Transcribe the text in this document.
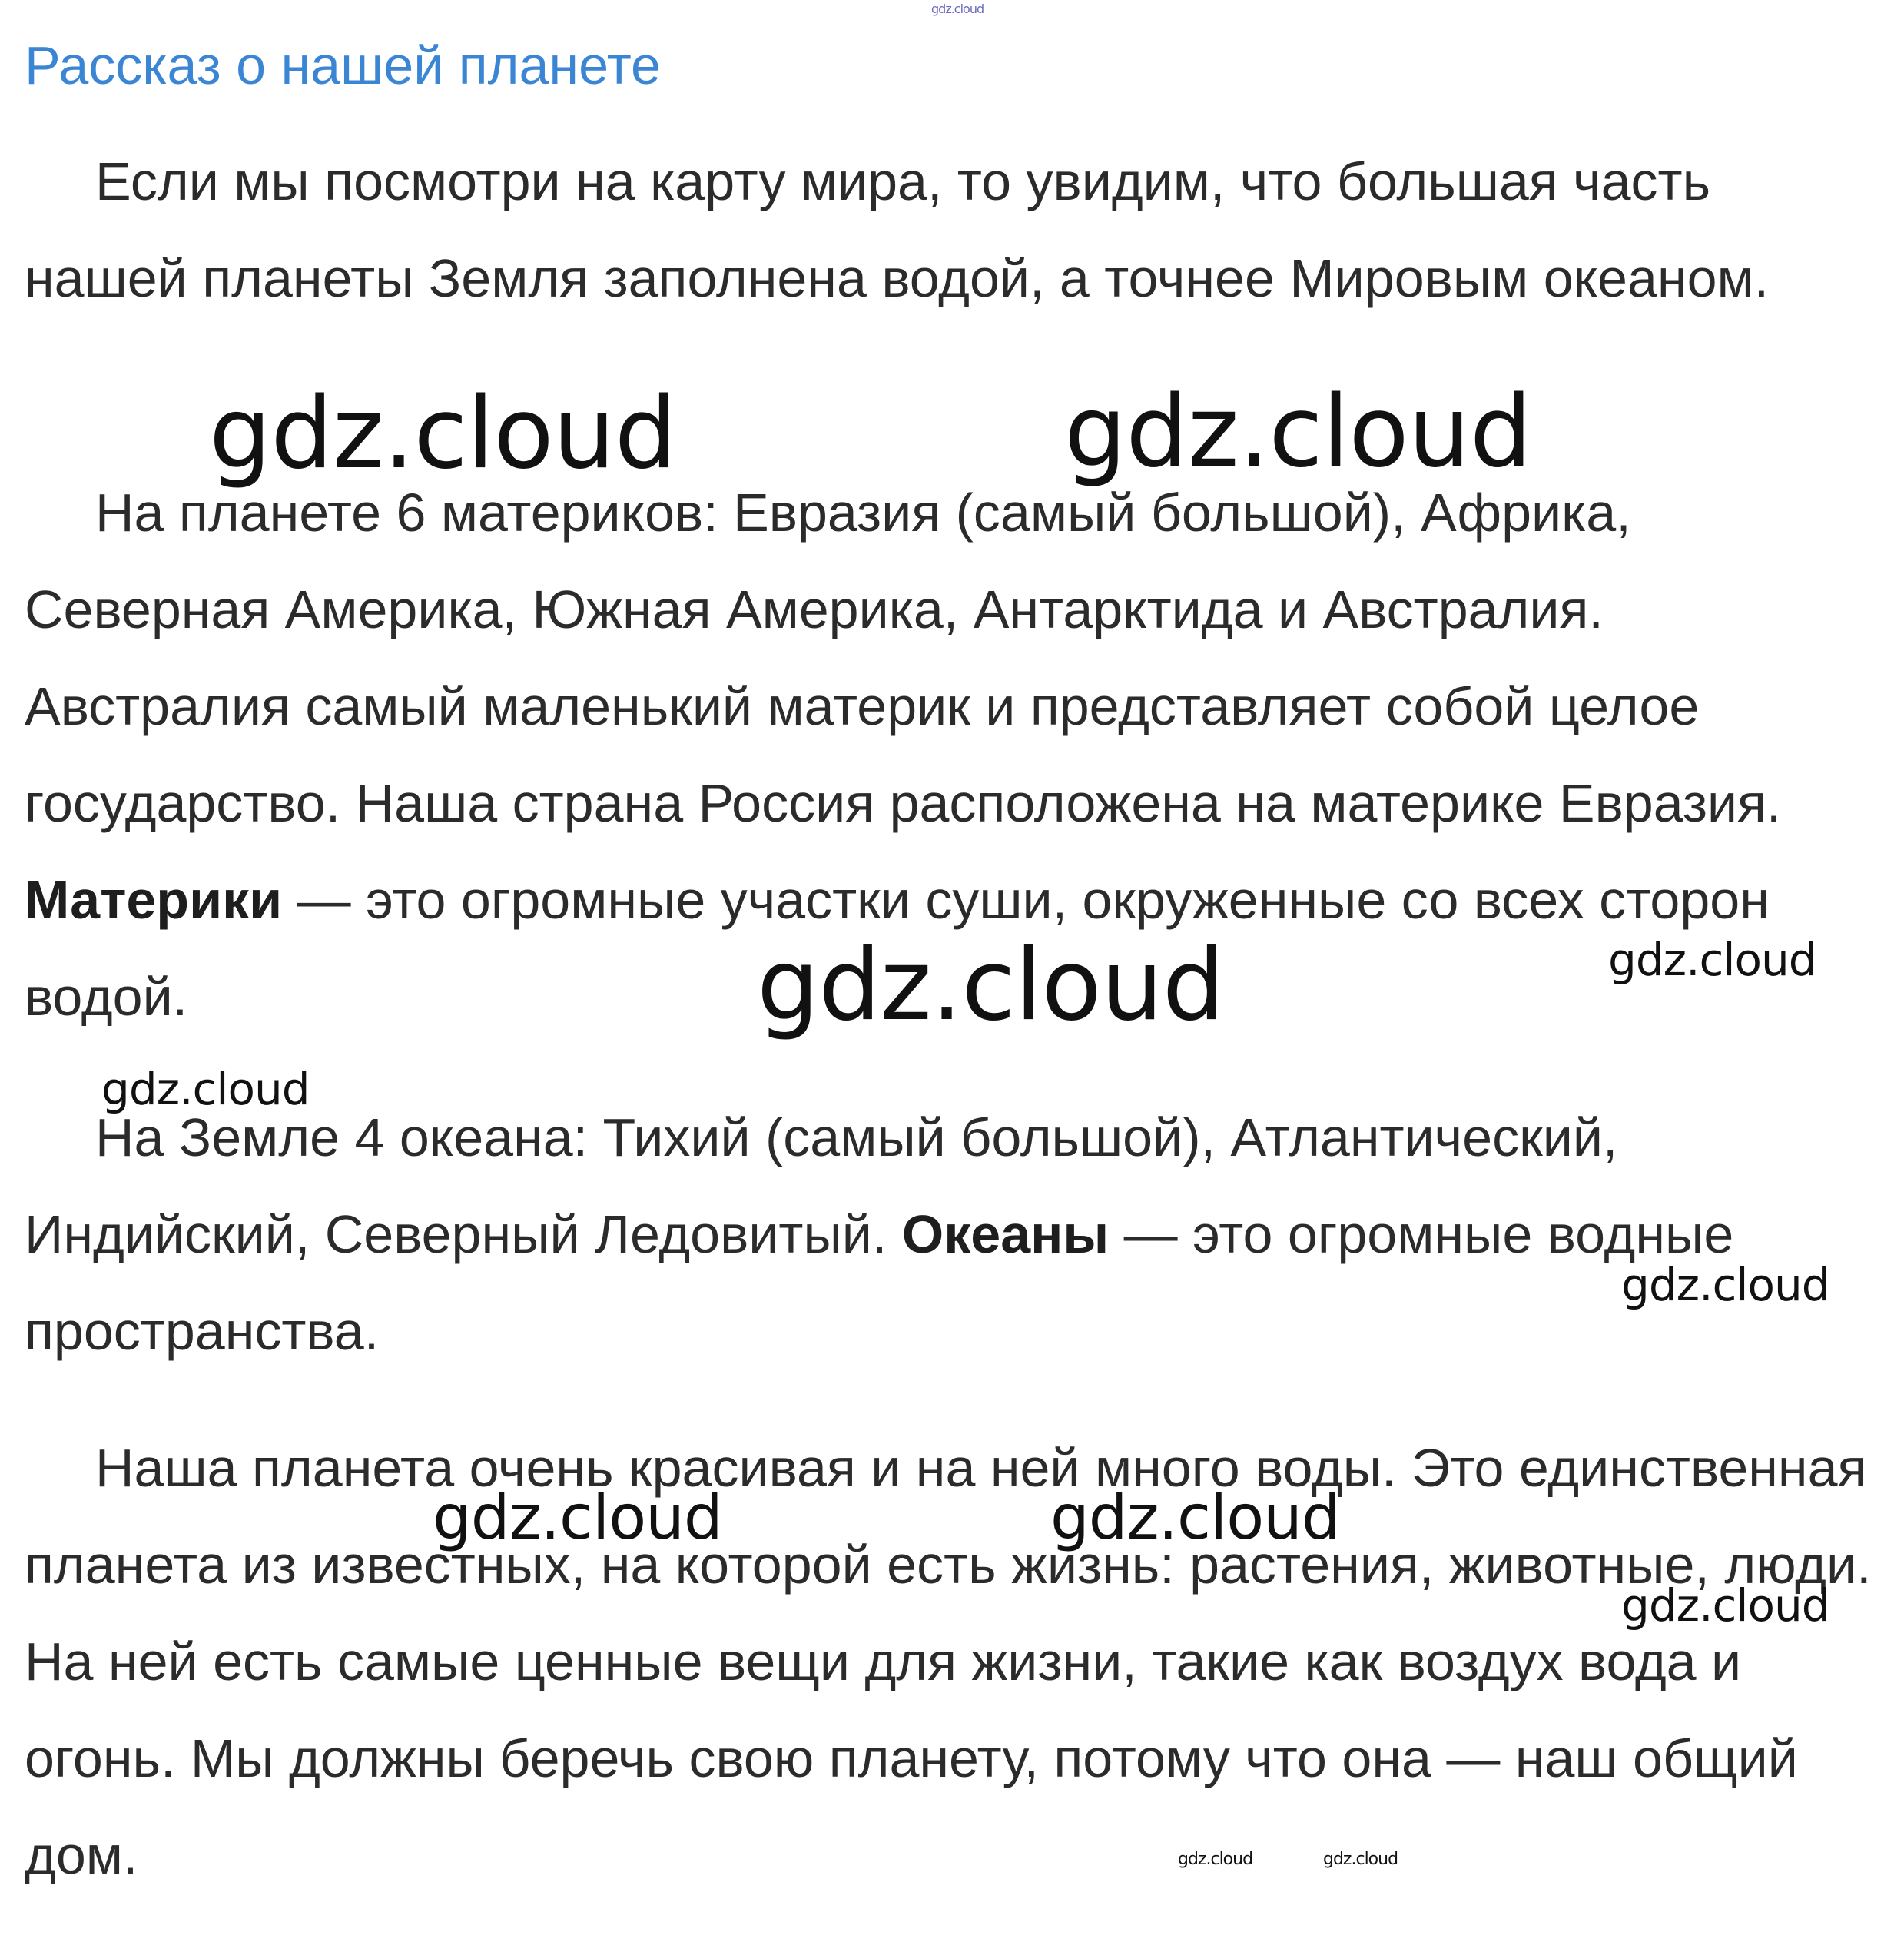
Рассказ о нашей планете

Если мы посмотри на карту мира, то увидим, что большая часть нашей планеты Земля заполнена водой, а точнее Мировым океаном.

На планете 6 материков: Евразия (самый большой), Африка, Северная Америка, Южная Америка, Антарктида и Австралия. Австралия самый маленький материк и представляет собой целое государство. Наша страна Россия расположена на материке Евразия. Материки — это огромные участки суши, окруженные со всех сторон водой.

На Земле 4 океана: Тихий (самый большой), Атлантический, Индийский, Северный Ледовитый. Океаны — это огромные водные пространства.

Наша планета очень красивая и на ней много воды. Это единственная планета из известных, на которой есть жизнь: растения, животные, люди. На ней есть самые ценные вещи для жизни, такие как воздух вода и огонь. Мы должны беречь свою планету, потому что она — наш общий дом.

gdz.cloud
gdz.cloud	gdz.cloud
gdz.cloud	gdz.cloud
gdz.cloud
gdz.cloud
gdz.cloud	gdz.cloud
gdz.cloud
gdz.cloud	gdz.cloud
